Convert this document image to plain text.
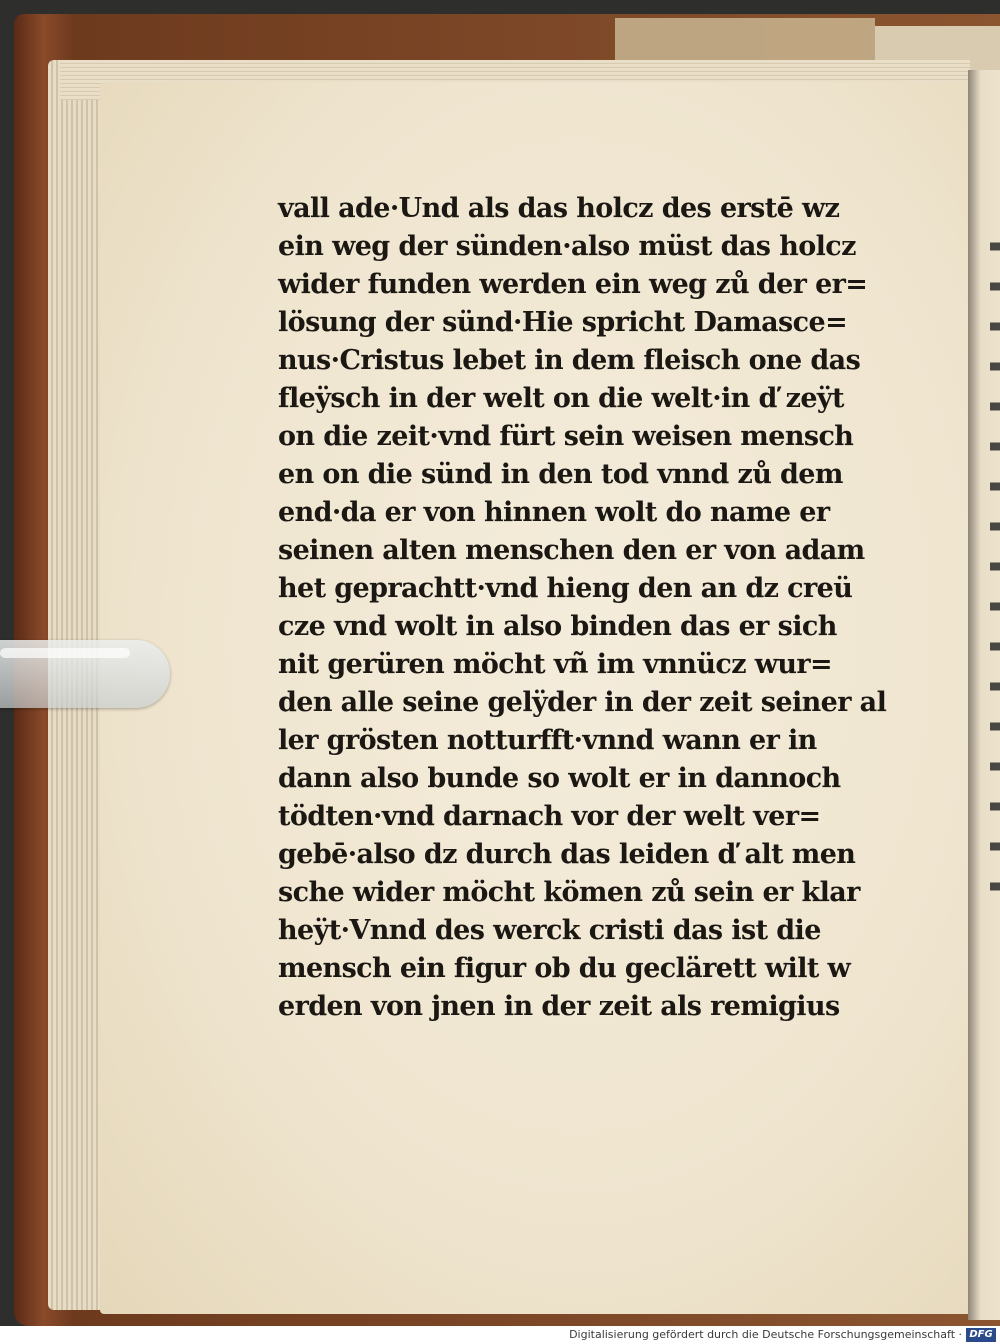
vall ade·Und als das holcz des erstē wz
ein weg der sünden·also müst das holcz
wider funden werden ein weg zů der er=
lösung der sünd·Hie spricht Damasce=
nus·Cristus lebet in dem fleisch one das
fleÿsch in der welt on die welt·in ď zeÿt
on die zeit·vnd fürt sein weisen mensch
en on die sünd in den tod vnnd zů dem
end·da er von hinnen wolt do name er
seinen alten menschen den er von adam
het geprachtt·vnd hieng den an dz creü
cze vnd wolt in also binden das er sich
nit gerüren möcht vñ im vnnücz wur=
den alle seine gelÿder in der zeit seiner al
ler grösten notturfft·vnnd wann er in
dann also bunde so wolt er in dannoch
tödten·vnd darnach vor der welt ver=
gebē·also dz durch das leiden ď alt men
sche wider möcht kömen zů sein er klar
heÿt·Vnnd des werck cristi das ist die
mensch ein figur ob du geclärett wilt w
erden von jnen in der zeit als remigius
Digitalisierung gefördert durch die Deutsche Forschungsgemeinschaft · DFG
